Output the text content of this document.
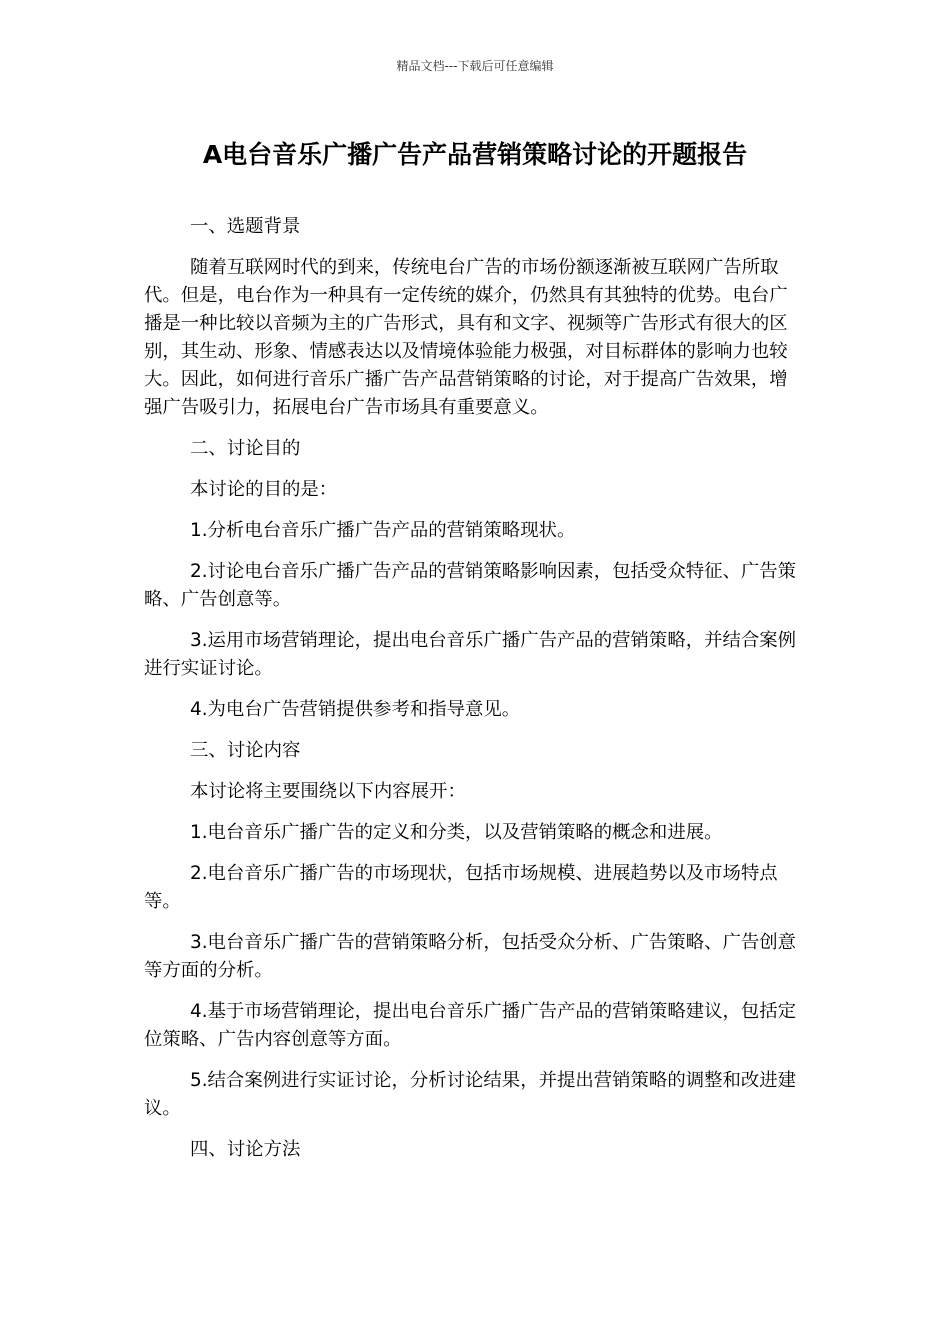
精品文档---下载后可任意编辑
A电台音乐广播广告产品营销策略讨论的开题报告

一、选题背景

随着互联网时代的到来，传统电台广告的市场份额逐渐被互联网广告所取代。但是，电台作为一种具有一定传统的媒介，仍然具有其独特的优势。电台广播是一种比较以音频为主的广告形式，具有和文字、视频等广告形式有很大的区别，其生动、形象、情感表达以及情境体验能力极强，对目标群体的影响力也较大。因此，如何进行音乐广播广告产品营销策略的讨论，对于提高广告效果，增强广告吸引力，拓展电台广告市场具有重要意义。

二、讨论目的

本讨论的目的是：

1.分析电台音乐广播广告产品的营销策略现状。

2.讨论电台音乐广播广告产品的营销策略影响因素，包括受众特征、广告策略、广告创意等。

3.运用市场营销理论，提出电台音乐广播广告产品的营销策略，并结合案例进行实证讨论。

4.为电台广告营销提供参考和指导意见。

三、讨论内容

本讨论将主要围绕以下内容展开：

1.电台音乐广播广告的定义和分类，以及营销策略的概念和进展。

2.电台音乐广播广告的市场现状，包括市场规模、进展趋势以及市场特点等。

3.电台音乐广播广告的营销策略分析，包括受众分析、广告策略、广告创意等方面的分析。

4.基于市场营销理论，提出电台音乐广播广告产品的营销策略建议，包括定位策略、广告内容创意等方面。

5.结合案例进行实证讨论，分析讨论结果，并提出营销策略的调整和改进建议。

四、讨论方法
